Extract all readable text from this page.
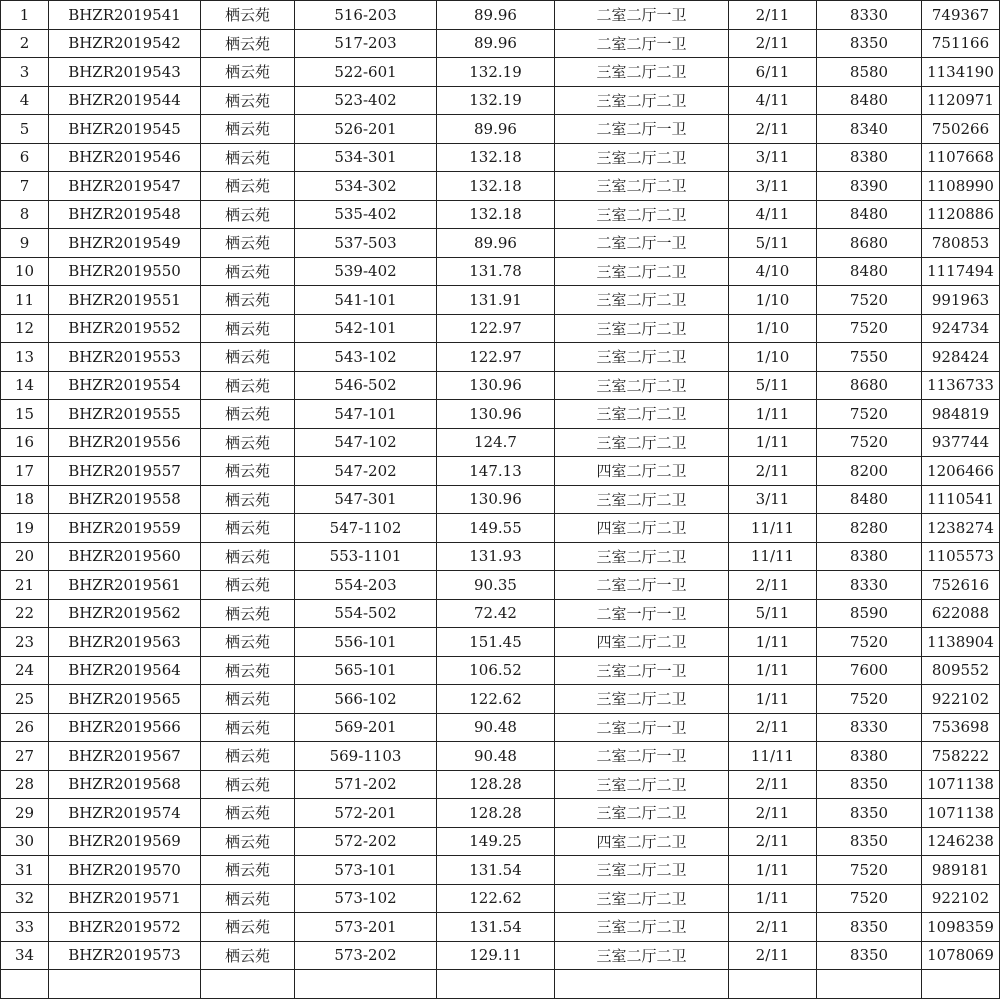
1	BHZR2019541	栖云苑	516-203	89.96	二室二厅一卫	2/11	8330	749367
2	BHZR2019542	栖云苑	517-203	89.96	二室二厅一卫	2/11	8350	751166
3	BHZR2019543	栖云苑	522-601	132.19	三室二厅二卫	6/11	8580	1134190
4	BHZR2019544	栖云苑	523-402	132.19	三室二厅二卫	4/11	8480	1120971
5	BHZR2019545	栖云苑	526-201	89.96	二室二厅一卫	2/11	8340	750266
6	BHZR2019546	栖云苑	534-301	132.18	三室二厅二卫	3/11	8380	1107668
7	BHZR2019547	栖云苑	534-302	132.18	三室二厅二卫	3/11	8390	1108990
8	BHZR2019548	栖云苑	535-402	132.18	三室二厅二卫	4/11	8480	1120886
9	BHZR2019549	栖云苑	537-503	89.96	二室二厅一卫	5/11	8680	780853
10	BHZR2019550	栖云苑	539-402	131.78	三室二厅二卫	4/10	8480	1117494
11	BHZR2019551	栖云苑	541-101	131.91	三室二厅二卫	1/10	7520	991963
12	BHZR2019552	栖云苑	542-101	122.97	三室二厅二卫	1/10	7520	924734
13	BHZR2019553	栖云苑	543-102	122.97	三室二厅二卫	1/10	7550	928424
14	BHZR2019554	栖云苑	546-502	130.96	三室二厅二卫	5/11	8680	1136733
15	BHZR2019555	栖云苑	547-101	130.96	三室二厅二卫	1/11	7520	984819
16	BHZR2019556	栖云苑	547-102	124.7	三室二厅二卫	1/11	7520	937744
17	BHZR2019557	栖云苑	547-202	147.13	四室二厅二卫	2/11	8200	1206466
18	BHZR2019558	栖云苑	547-301	130.96	三室二厅二卫	3/11	8480	1110541
19	BHZR2019559	栖云苑	547-1102	149.55	四室二厅二卫	11/11	8280	1238274
20	BHZR2019560	栖云苑	553-1101	131.93	三室二厅二卫	11/11	8380	1105573
21	BHZR2019561	栖云苑	554-203	90.35	二室二厅一卫	2/11	8330	752616
22	BHZR2019562	栖云苑	554-502	72.42	二室一厅一卫	5/11	8590	622088
23	BHZR2019563	栖云苑	556-101	151.45	四室二厅二卫	1/11	7520	1138904
24	BHZR2019564	栖云苑	565-101	106.52	三室二厅一卫	1/11	7600	809552
25	BHZR2019565	栖云苑	566-102	122.62	三室二厅二卫	1/11	7520	922102
26	BHZR2019566	栖云苑	569-201	90.48	二室二厅一卫	2/11	8330	753698
27	BHZR2019567	栖云苑	569-1103	90.48	二室二厅一卫	11/11	8380	758222
28	BHZR2019568	栖云苑	571-202	128.28	三室二厅二卫	2/11	8350	1071138
29	BHZR2019574	栖云苑	572-201	128.28	三室二厅二卫	2/11	8350	1071138
30	BHZR2019569	栖云苑	572-202	149.25	四室二厅二卫	2/11	8350	1246238
31	BHZR2019570	栖云苑	573-101	131.54	三室二厅二卫	1/11	7520	989181
32	BHZR2019571	栖云苑	573-102	122.62	三室二厅二卫	1/11	7520	922102
33	BHZR2019572	栖云苑	573-201	131.54	三室二厅二卫	2/11	8350	1098359
34	BHZR2019573	栖云苑	573-202	129.11	三室二厅二卫	2/11	8350	1078069
